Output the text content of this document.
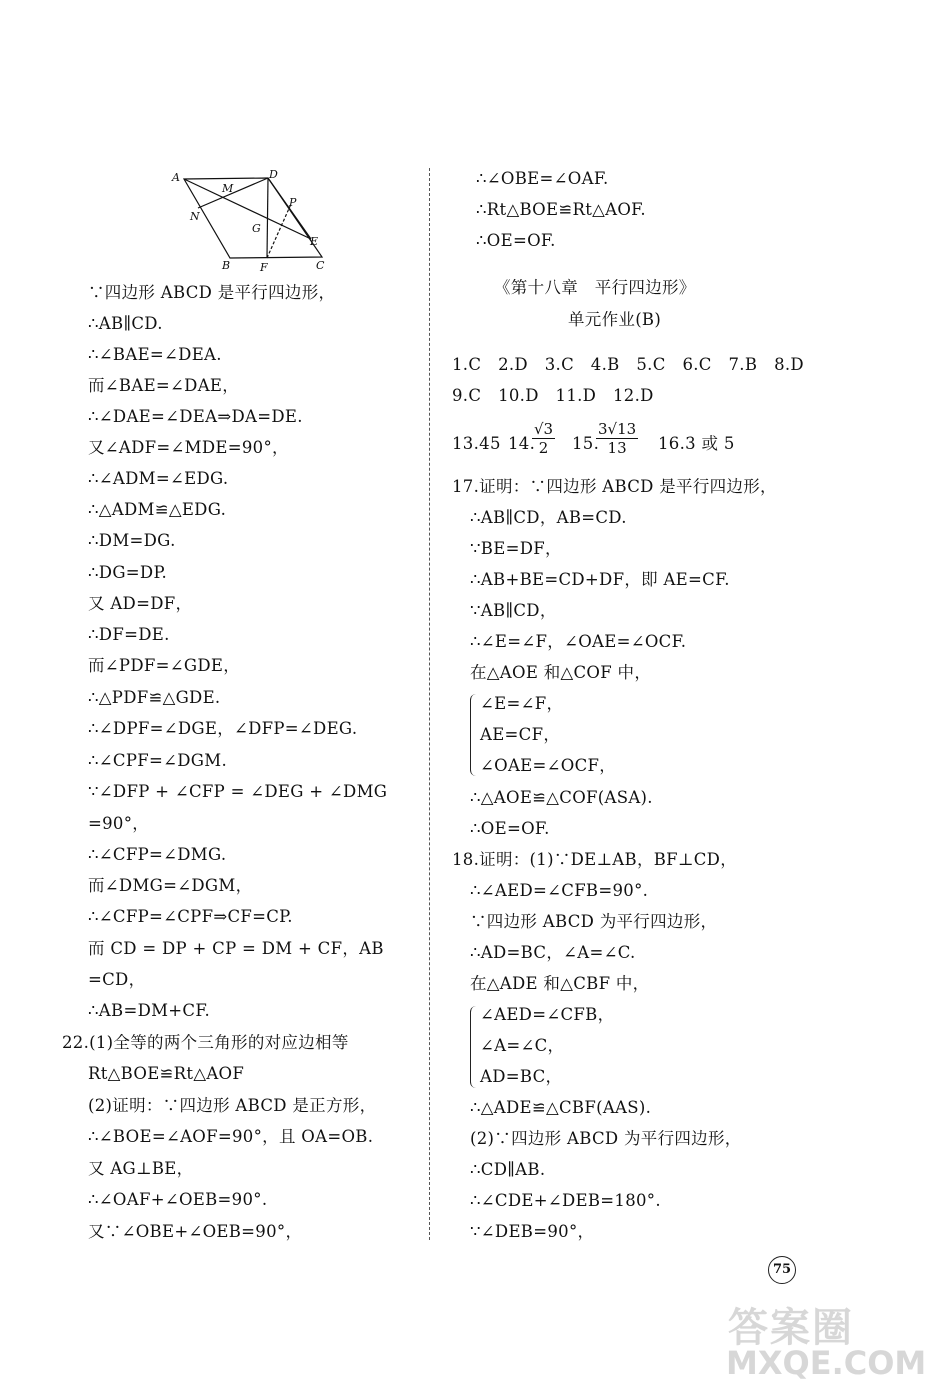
A	D
M
N
P
G
E
B	F	C
∵四边形 ABCD 是平行四边形，
∴AB∥CD.
∴∠BAE=∠DEA.
而∠BAE=∠DAE，
∴∠DAE=∠DEA⇒DA=DE.
又∠ADF=∠MDE=90°，
∴∠ADM=∠EDG.
∴△ADM≌△EDG.
∴DM=DG.
∴DG=DP.
又 AD=DF，
∴DF=DE.
而∠PDF=∠GDE，
∴△PDF≌△GDE.
∴∠DPF=∠DGE，∠DFP=∠DEG.
∴∠CPF=∠DGM.
∵∠DFP + ∠CFP = ∠DEG + ∠DMG
=90°，
∴∠CFP=∠DMG.
而∠DMG=∠DGM，
∴∠CFP=∠CPF⇒CF=CP.
而 CD = DP + CP = DM + CF，AB
=CD，
∴AB=DM+CF.
22.(1)全等的两个三角形的对应边相等
Rt△BOE≌Rt△AOF
(2)证明：∵四边形 ABCD 是正方形，
∴∠BOE=∠AOF=90°，且 OA=OB.
又 AG⊥BE，
∴∠OAF+∠OEB=90°.
又∵∠OBE+∠OEB=90°，
∴∠OBE=∠OAF.
∴Rt△BOE≌Rt△AOF.
∴OE=OF.
《第十八章　平行四边形》
单元作业(B)
1.C　2.D　3.C　4.B　5.C　6.C　7.B　8.D
9.C　10.D　11.D　12.D
13.45 14.
$\frac{√3}{2} 15$.
$\frac{3√13}{13} 16.3$ 或 5
17.证明：∵四边形 ABCD 是平行四边形，
∴AB∥CD，AB=CD.
∵BE=DF，
∴AB+BE=CD+DF，即 AE=CF.
∵AB∥CD，
∴∠E=∠F，∠OAE=∠OCF.
在△AOE 和△COF 中，
∠E=∠F，
AE=CF，
∠OAE=∠OCF，
∴△AOE≌△COF(ASA).
∴OE=OF.
18.证明：(1)∵DE⊥AB，BF⊥CD，
∴∠AED=∠CFB=90°.
∵四边形 ABCD 为平行四边形，
∴AD=BC，∠A=∠C.
在△ADE 和△CBF 中，
∠AED=∠CFB，
∠A=∠C，
AD=BC，
∴△ADE≌△CBF(AAS).
(2)∵四边形 ABCD 为平行四边形，
∴CD∥AB.
∴∠CDE+∠DEB=180°.
∵∠DEB=90°，
75
答案圈
MXQE.COM
